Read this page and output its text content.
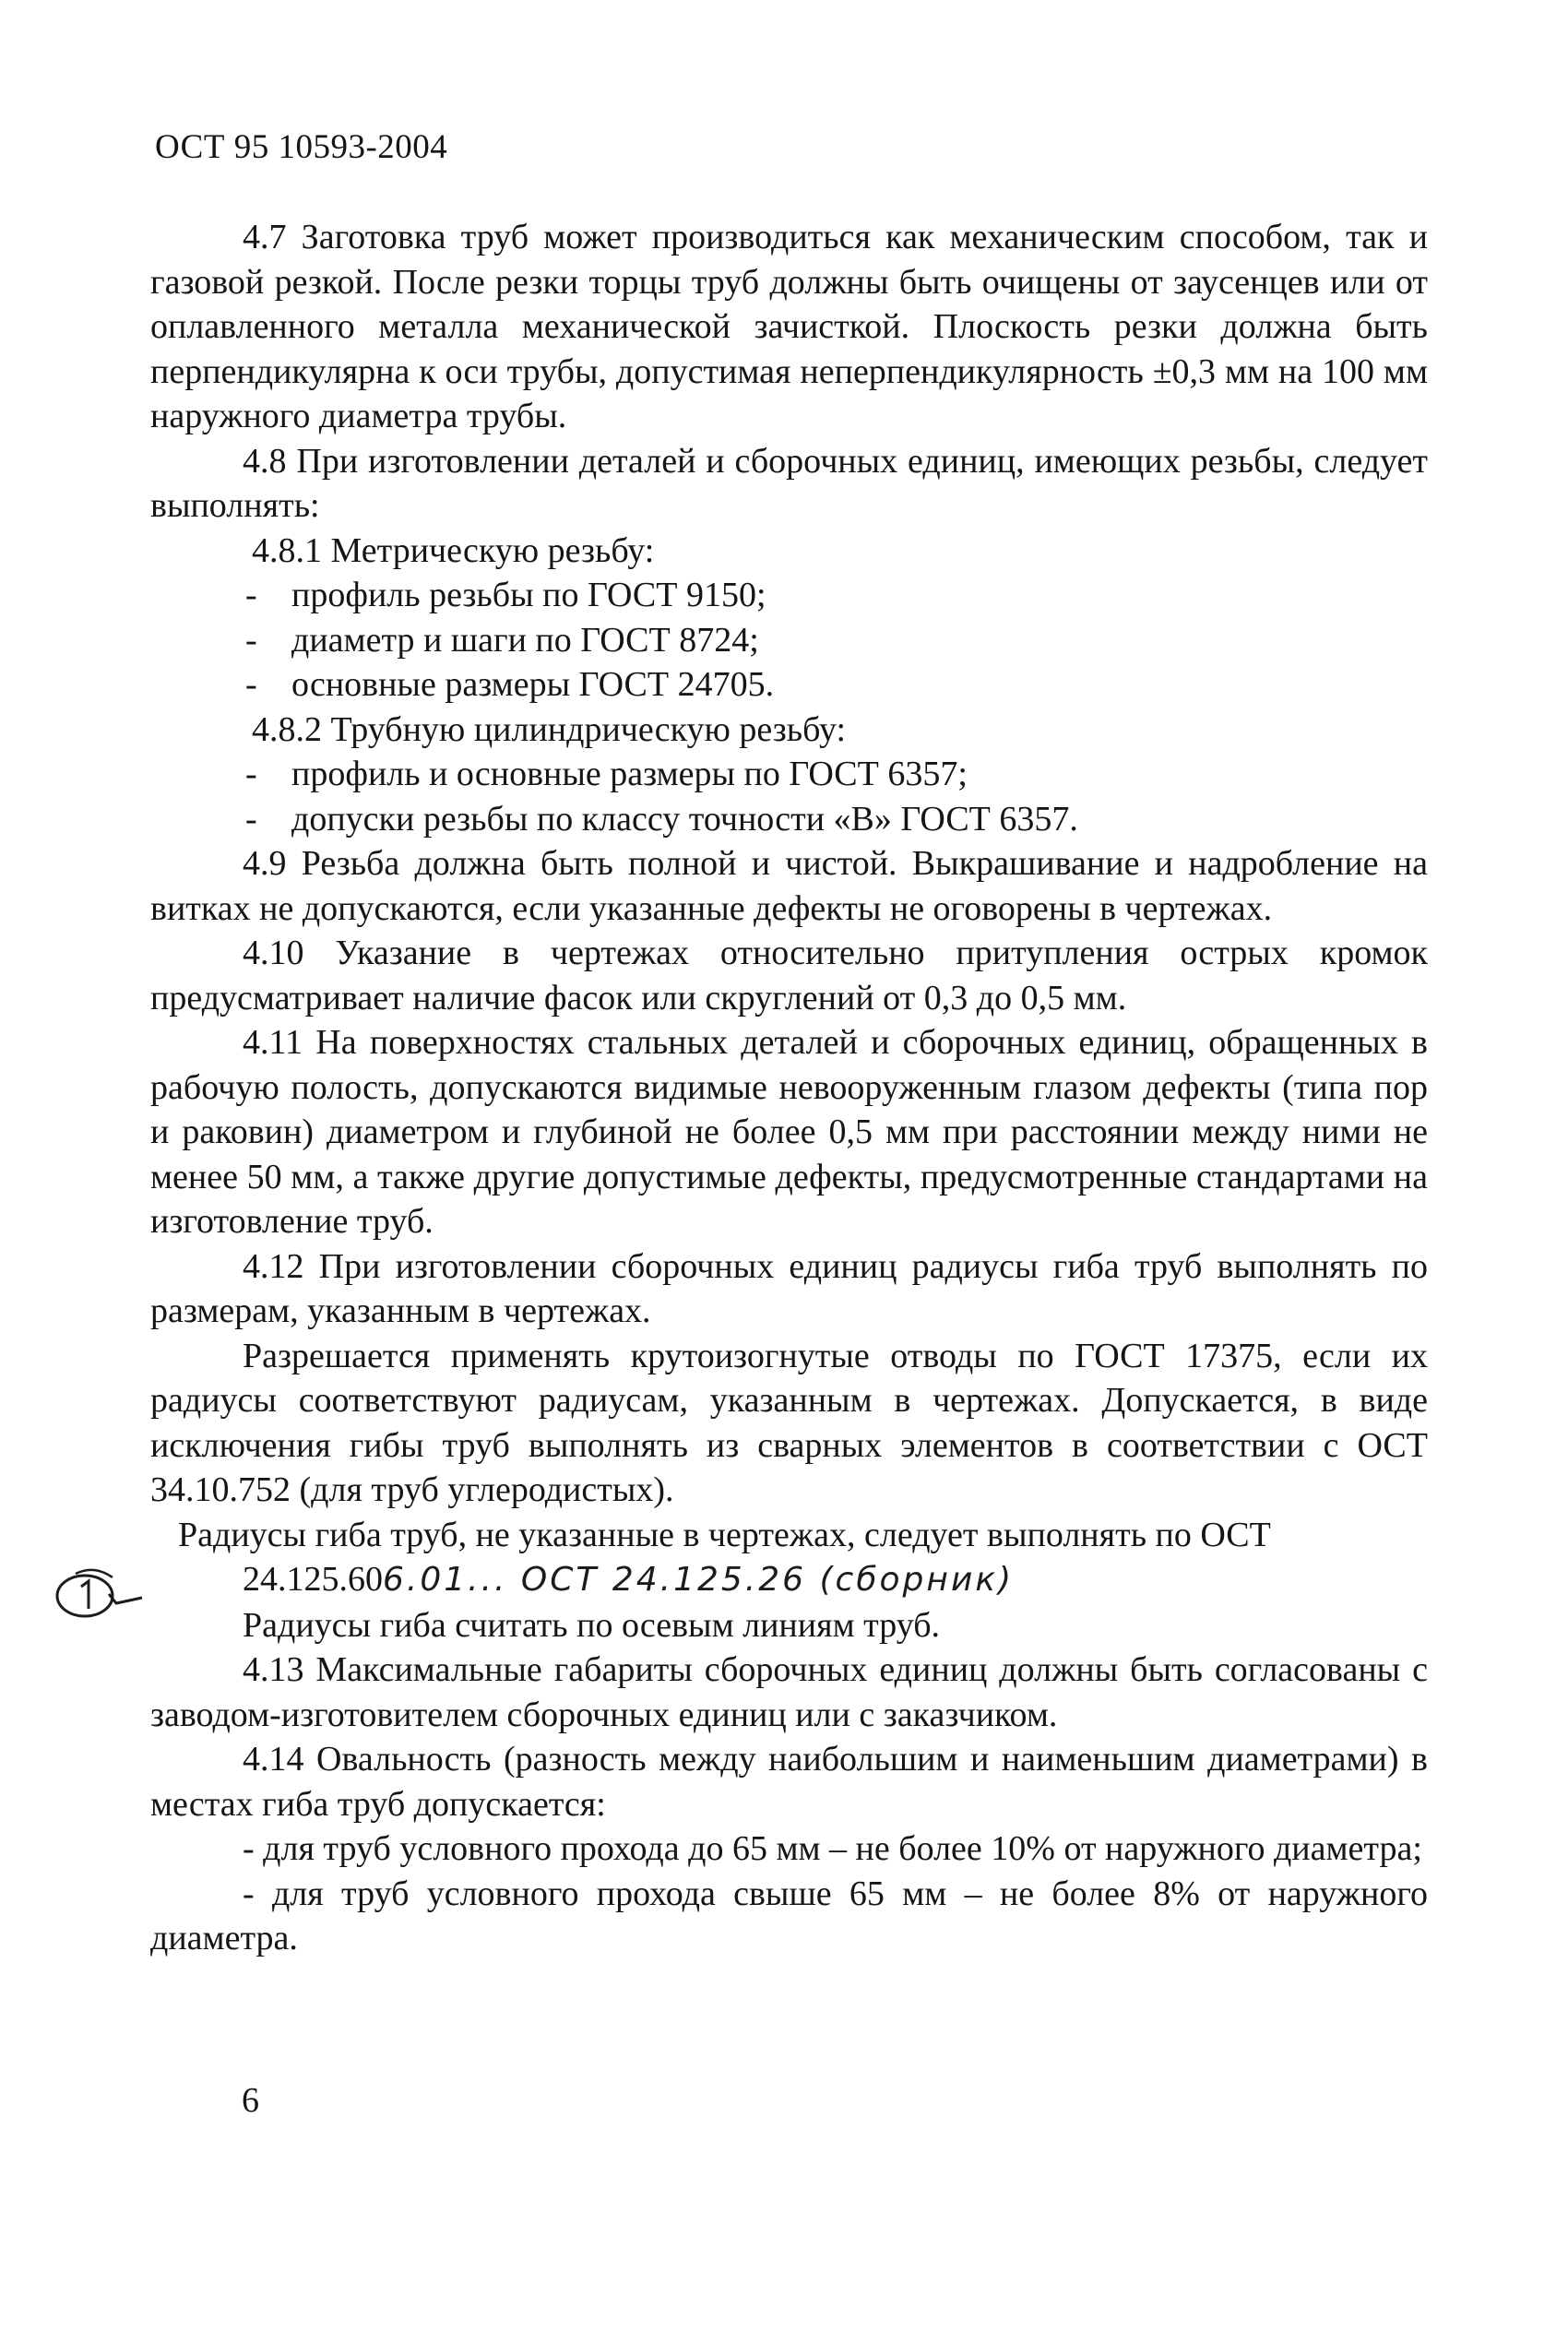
ОСТ 95 10593-2004

4.7 Заготовка труб может производиться как механическим способом, так и газовой резкой. После резки торцы труб должны быть очищены от заусенцев или от оплавленного металла механической зачисткой. Плоскость резки должна быть перпендикулярна к оси трубы, допустимая неперпендикулярность ±0,3 мм на 100 мм наружного диаметра трубы.

4.8 При изготовлении деталей и сборочных единиц, имеющих резьбы, следует выполнять:

4.8.1 Метрическую резьбу:

- профиль резьбы по ГОСТ 9150;
- диаметр и шаги по ГОСТ 8724;
- основные размеры ГОСТ 24705.

4.8.2 Трубную цилиндрическую резьбу:

- профиль и основные размеры по ГОСТ 6357;
- допуски резьбы по классу точности «В» ГОСТ 6357.

4.9 Резьба должна быть полной и чистой. Выкрашивание и надробление на витках не допускаются, если указанные дефекты не оговорены в чертежах.

4.10 Указание в чертежах относительно притупления острых кромок предусматривает наличие фасок или скруглений от 0,3 до 0,5 мм.

4.11 На поверхностях стальных деталей и сборочных единиц, обращенных в рабочую полость, допускаются видимые невооруженным глазом дефекты (типа пор и раковин) диаметром и глубиной не более 0,5 мм при расстоянии между ними не менее 50 мм, а также другие допустимые дефекты, предусмотренные стандартами на изготовление труб.

4.12 При изготовлении сборочных единиц радиусы гиба труб выполнять по размерам, указанным в чертежах.

Разрешается применять крутоизогнутые отводы по ГОСТ 17375, если их радиусы соответствуют радиусам, указанным в чертежах. Допускается, в виде исключения гибы труб выполнять из сварных элементов в соответствии с ОСТ 34.10.752 (для труб углеродистых).

Радиусы гиба труб, не указанные в чертежах, следует выполнять по ОСТ

24.125.606.01... ОСТ 24.125.26 (сборник)

Радиусы гиба считать по осевым линиям труб.

4.13 Максимальные габариты сборочных единиц должны быть согласованы с заводом-изготовителем сборочных единиц или с заказчиком.

4.14 Овальность (разность между наибольшим и наименьшим диаметрами) в местах гиба труб допускается:

- для труб условного прохода до 65 мм – не более 10% от наружного диаметра;

- для труб условного прохода свыше 65 мм – не более 8% от наружного диаметра.

6
